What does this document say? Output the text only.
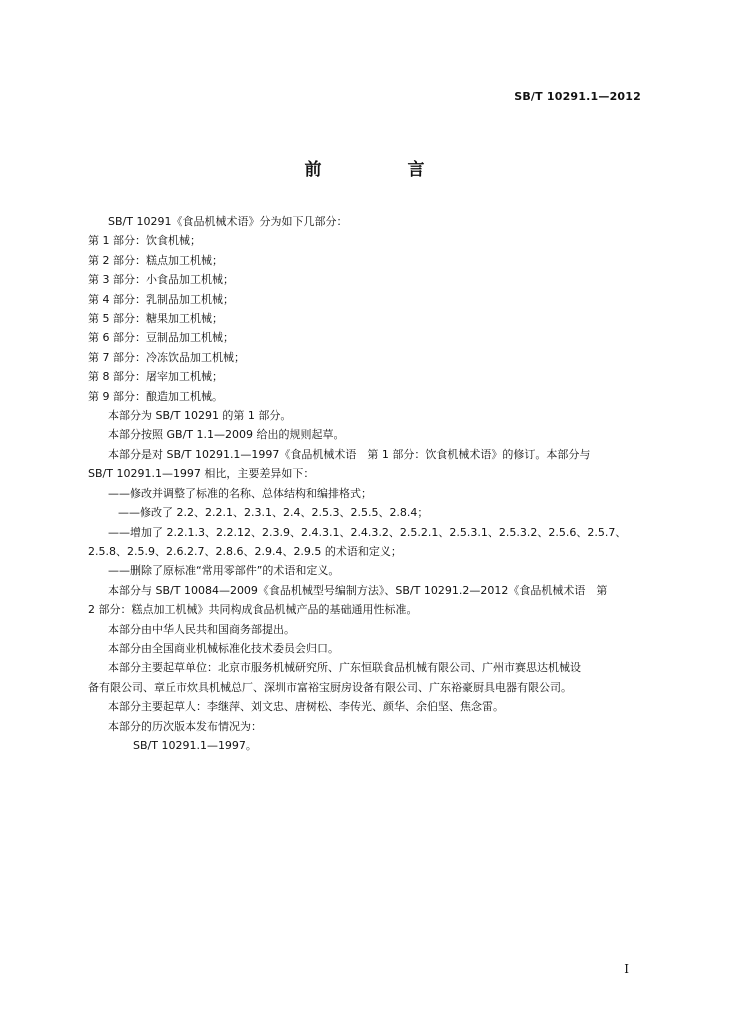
SB/T 10291.1—2012
前 言

SB/T 10291《食品机械术语》分为如下几部分：

第 1 部分：饮食机械；

第 2 部分：糕点加工机械；

第 3 部分：小食品加工机械；

第 4 部分：乳制品加工机械；

第 5 部分：糖果加工机械；

第 6 部分：豆制品加工机械；

第 7 部分：冷冻饮品加工机械；

第 8 部分：屠宰加工机械；

第 9 部分：酿造加工机械。

本部分为 SB/T 10291 的第 1 部分。

本部分按照 GB/T 1.1—2009 给出的规则起草。

本部分是对 SB/T 10291.1—1997《食品机械术语　第 1 部分：饮食机械术语》的修订。本部分与

SB/T 10291.1—1997 相比，主要差异如下：

——修改并调整了标准的名称、总体结构和编排格式；

——修改了 2.2、2.2.1、2.3.1、2.4、2.5.3、2.5.5、2.8.4；

——增加了 2.2.1.3、2.2.12、2.3.9、2.4.3.1、2.4.3.2、2.5.2.1、2.5.3.1、2.5.3.2、2.5.6、2.5.7、

2.5.8、2.5.9、2.6.2.7、2.8.6、2.9.4、2.9.5 的术语和定义；

——删除了原标准“常用零部件”的术语和定义。

本部分与 SB/T 10084—2009《食品机械型号编制方法》、SB/T 10291.2—2012《食品机械术语　第

2 部分：糕点加工机械》共同构成食品机械产品的基础通用性标准。

本部分由中华人民共和国商务部提出。

本部分由全国商业机械标准化技术委员会归口。

本部分主要起草单位：北京市服务机械研究所、广东恒联食品机械有限公司、广州市赛思达机械设

备有限公司、章丘市炊具机械总厂、深圳市富裕宝厨房设备有限公司、广东裕豪厨具电器有限公司。

本部分主要起草人：李继萍、刘文忠、唐树松、李传光、颜华、余伯坚、焦念雷。

本部分的历次版本发布情况为：

SB/T 10291.1—1997。

I
